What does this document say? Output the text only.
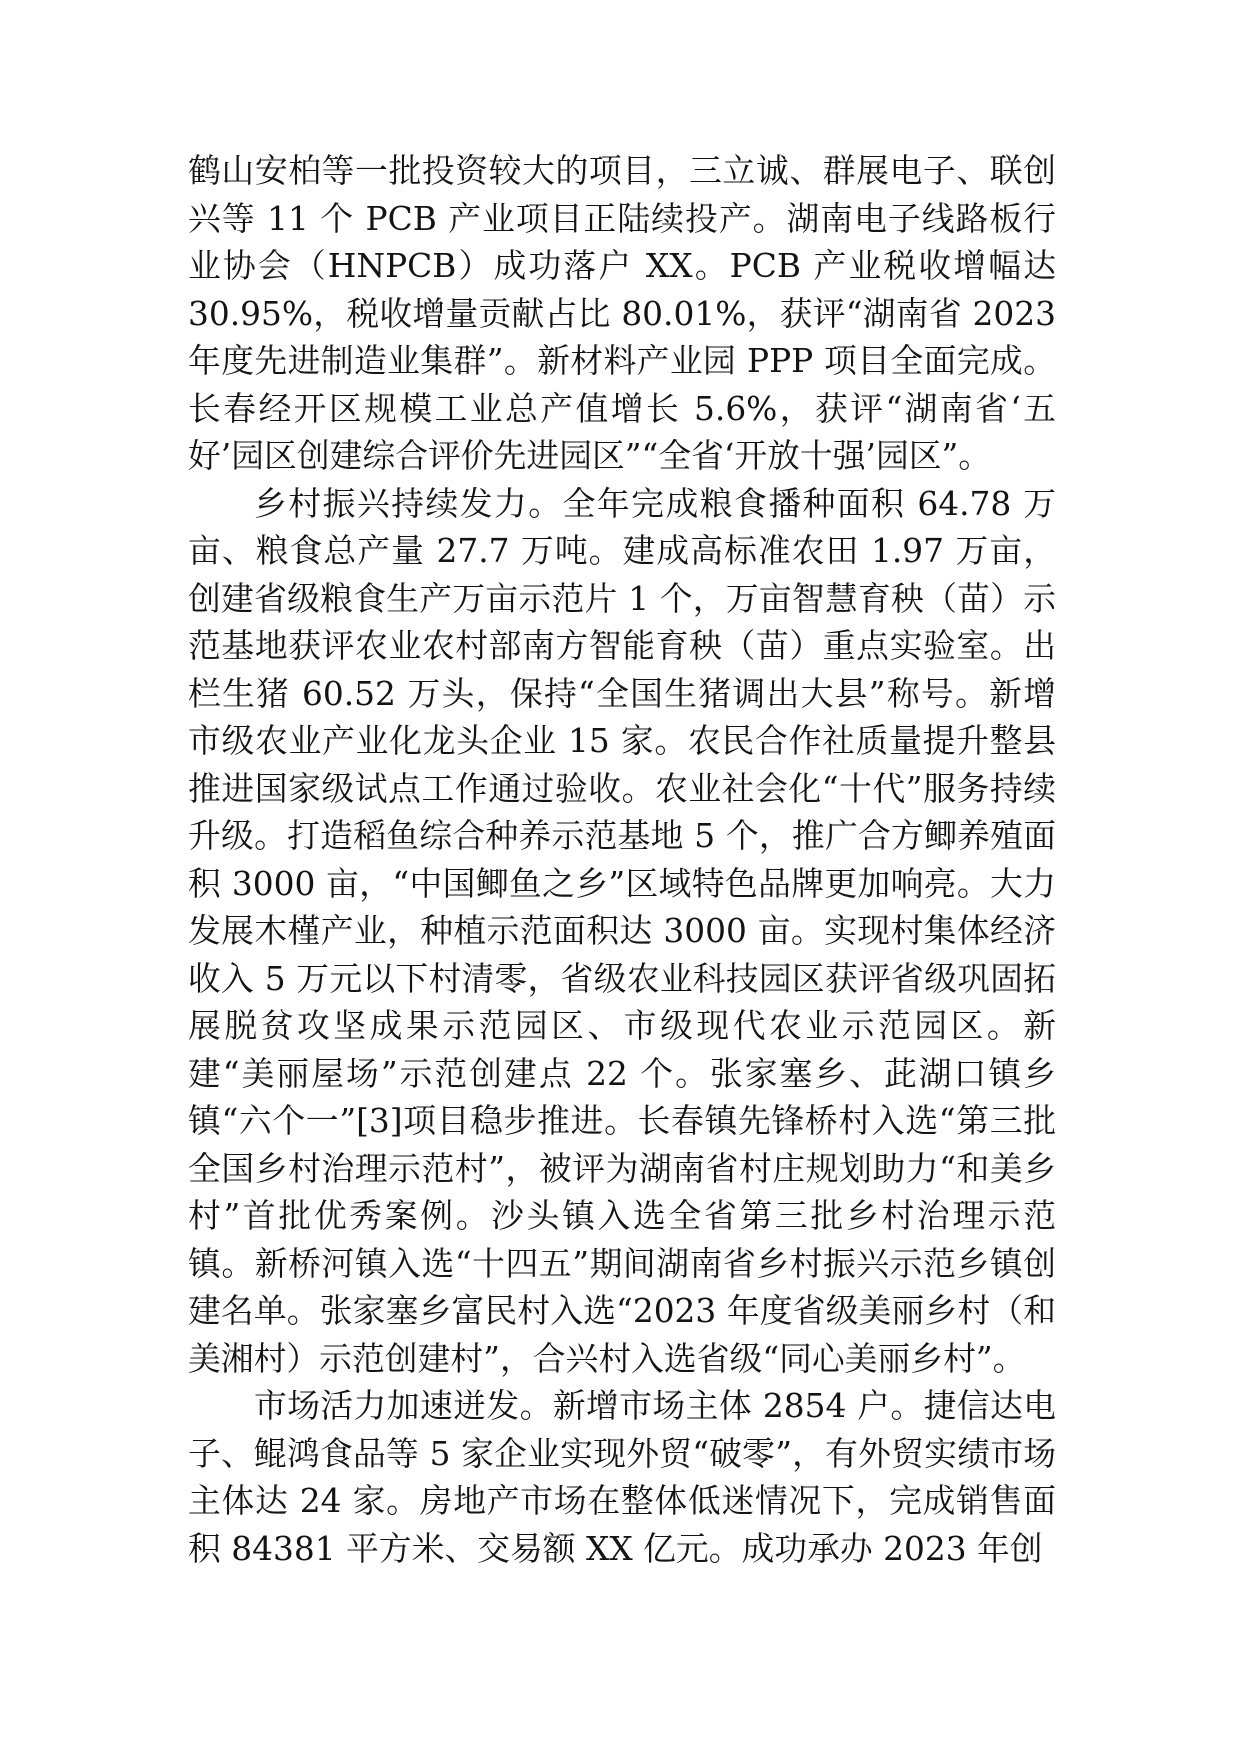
鹤山安柏等一批投资较大的项目，三立诚、群展电子、联创兴等 11 个 PCB 产业项目正陆续投产。湖南电子线路板行业协会（HNPCB）成功落户 XX。PCB 产业税收增幅达30.95%，税收增量贡献占比 80.01%，获评“湖南省 2023 年度先进制造业集群”。新材料产业园 PPP 项目全面完成。长春经开区规模工业总产值增长 5.6%，获评“湖南省‘五好’园区创建综合评价先进园区”“全省‘开放十强’园区”。

乡村振兴持续发力。全年完成粮食播种面积 64.78 万亩、粮食总产量 27.7 万吨。建成高标准农田 1.97 万亩，创建省级粮食生产万亩示范片 1 个，万亩智慧育秧（苗）示范基地获评农业农村部南方智能育秧（苗）重点实验室。出栏生猪 60.52 万头，保持“全国生猪调出大县”称号。新增市级农业产业化龙头企业 15 家。农民合作社质量提升整县推进国家级试点工作通过验收。农业社会化“十代”服务持续升级。打造稻鱼综合种养示范基地 5 个，推广合方鲫养殖面积 3000 亩，“中国鲫鱼之乡”区域特色品牌更加响亮。大力发展木槿产业，种植示范面积达 3000 亩。实现村集体经济收入 5 万元以下村清零，省级农业科技园区获评省级巩固拓展脱贫攻坚成果示范园区、市级现代农业示范园区。新建“美丽屋场”示范创建点 22 个。张家塞乡、茈湖口镇乡镇“六个一”[3]项目稳步推进。长春镇先锋桥村入选“第三批全国乡村治理示范村”，被评为湖南省村庄规划助力“和美乡村”首批优秀案例。沙头镇入选全省第三批乡村治理示范镇。新桥河镇入选“十四五”期间湖南省乡村振兴示范乡镇创建名单。张家塞乡富民村入选“2023 年度省级美丽乡村（和美湘村）示范创建村”，合兴村入选省级“同心美丽乡村”。

市场活力加速迸发。新增市场主体 2854 户。捷信达电子、鲲鸿食品等 5 家企业实现外贸“破零”，有外贸实绩市场主体达 24 家。房地产市场在整体低迷情况下，完成销售面积 84381 平方米、交易额 XX 亿元。成功承办 2023 年创
